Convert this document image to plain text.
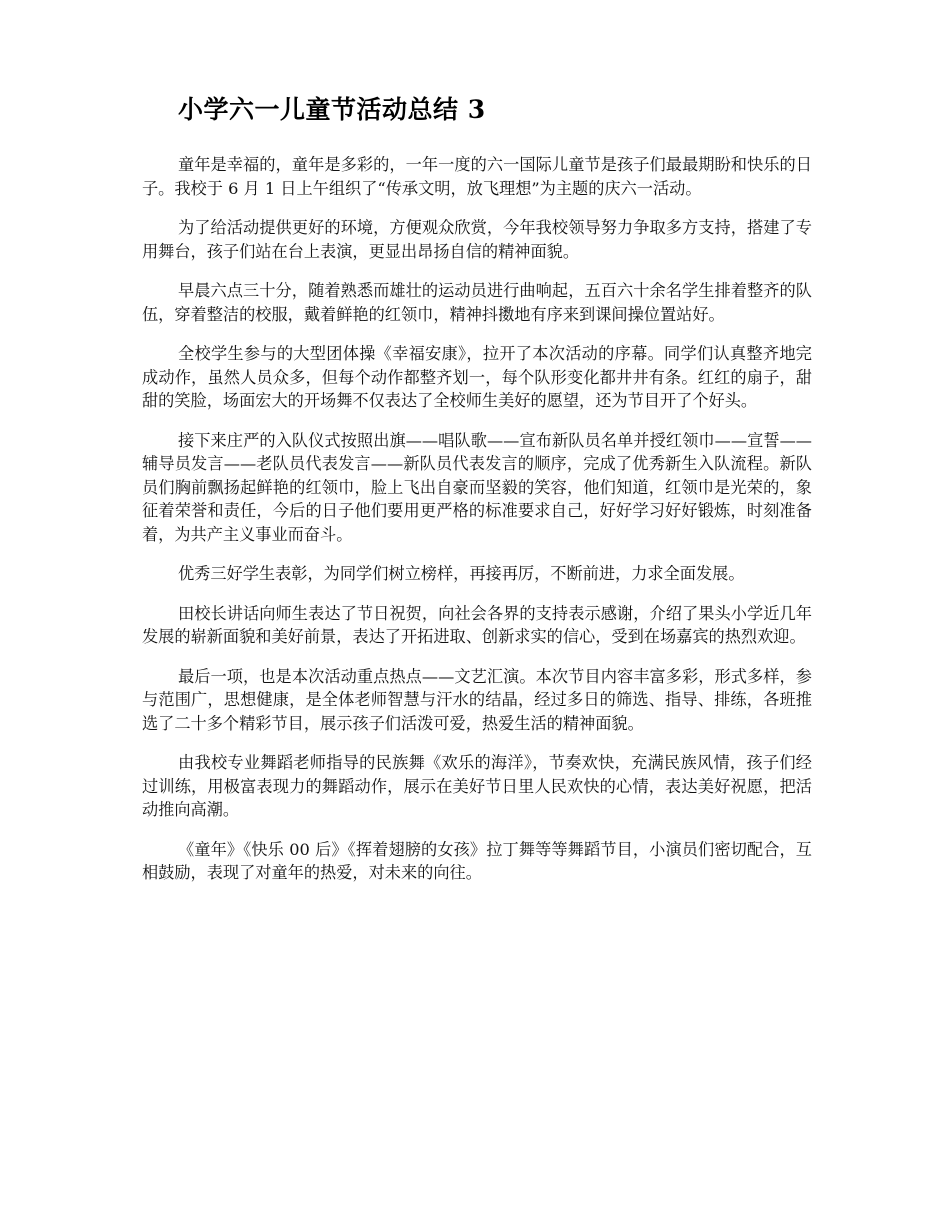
小学六一儿童节活动总结 3

童年是幸福的，童年是多彩的，一年一度的六一国际儿童节是孩子们最最期盼和快乐的日子。我校于 6 月 1 日上午组织了“传承文明，放飞理想”为主题的庆六一活动。

为了给活动提供更好的环境，方便观众欣赏，今年我校领导努力争取多方支持，搭建了专用舞台，孩子们站在台上表演，更显出昂扬自信的精神面貌。

早晨六点三十分，随着熟悉而雄壮的运动员进行曲响起，五百六十余名学生排着整齐的队伍，穿着整洁的校服，戴着鲜艳的红领巾，精神抖擞地有序来到课间操位置站好。

全校学生参与的大型团体操《幸福安康》，拉开了本次活动的序幕。同学们认真整齐地完成动作，虽然人员众多，但每个动作都整齐划一，每个队形变化都井井有条。红红的扇子，甜甜的笑脸，场面宏大的开场舞不仅表达了全校师生美好的愿望，还为节目开了个好头。

接下来庄严的入队仪式按照出旗——唱队歌——宣布新队员名单并授红领巾——宣誓——辅导员发言——老队员代表发言——新队员代表发言的顺序，完成了优秀新生入队流程。新队员们胸前飘扬起鲜艳的红领巾，脸上飞出自豪而坚毅的笑容，他们知道，红领巾是光荣的，象征着荣誉和责任，今后的日子他们要用更严格的标准要求自己，好好学习好好锻炼，时刻准备着，为共产主义事业而奋斗。

优秀三好学生表彰，为同学们树立榜样，再接再厉，不断前进，力求全面发展。

田校长讲话向师生表达了节日祝贺，向社会各界的支持表示感谢，介绍了果头小学近几年发展的崭新面貌和美好前景，表达了开拓进取、创新求实的信心，受到在场嘉宾的热烈欢迎。

最后一项，也是本次活动重点热点——文艺汇演。本次节目内容丰富多彩，形式多样，参与范围广，思想健康，是全体老师智慧与汗水的结晶，经过多日的筛选、指导、排练，各班推选了二十多个精彩节目，展示孩子们活泼可爱，热爱生活的精神面貌。

由我校专业舞蹈老师指导的民族舞《欢乐的海洋》，节奏欢快，充满民族风情，孩子们经过训练，用极富表现力的舞蹈动作，展示在美好节日里人民欢快的心情，表达美好祝愿，把活动推向高潮。

《童年》《快乐 00 后》《挥着翅膀的女孩》拉丁舞等等舞蹈节目，小演员们密切配合，互相鼓励，表现了对童年的热爱，对未来的向往。
